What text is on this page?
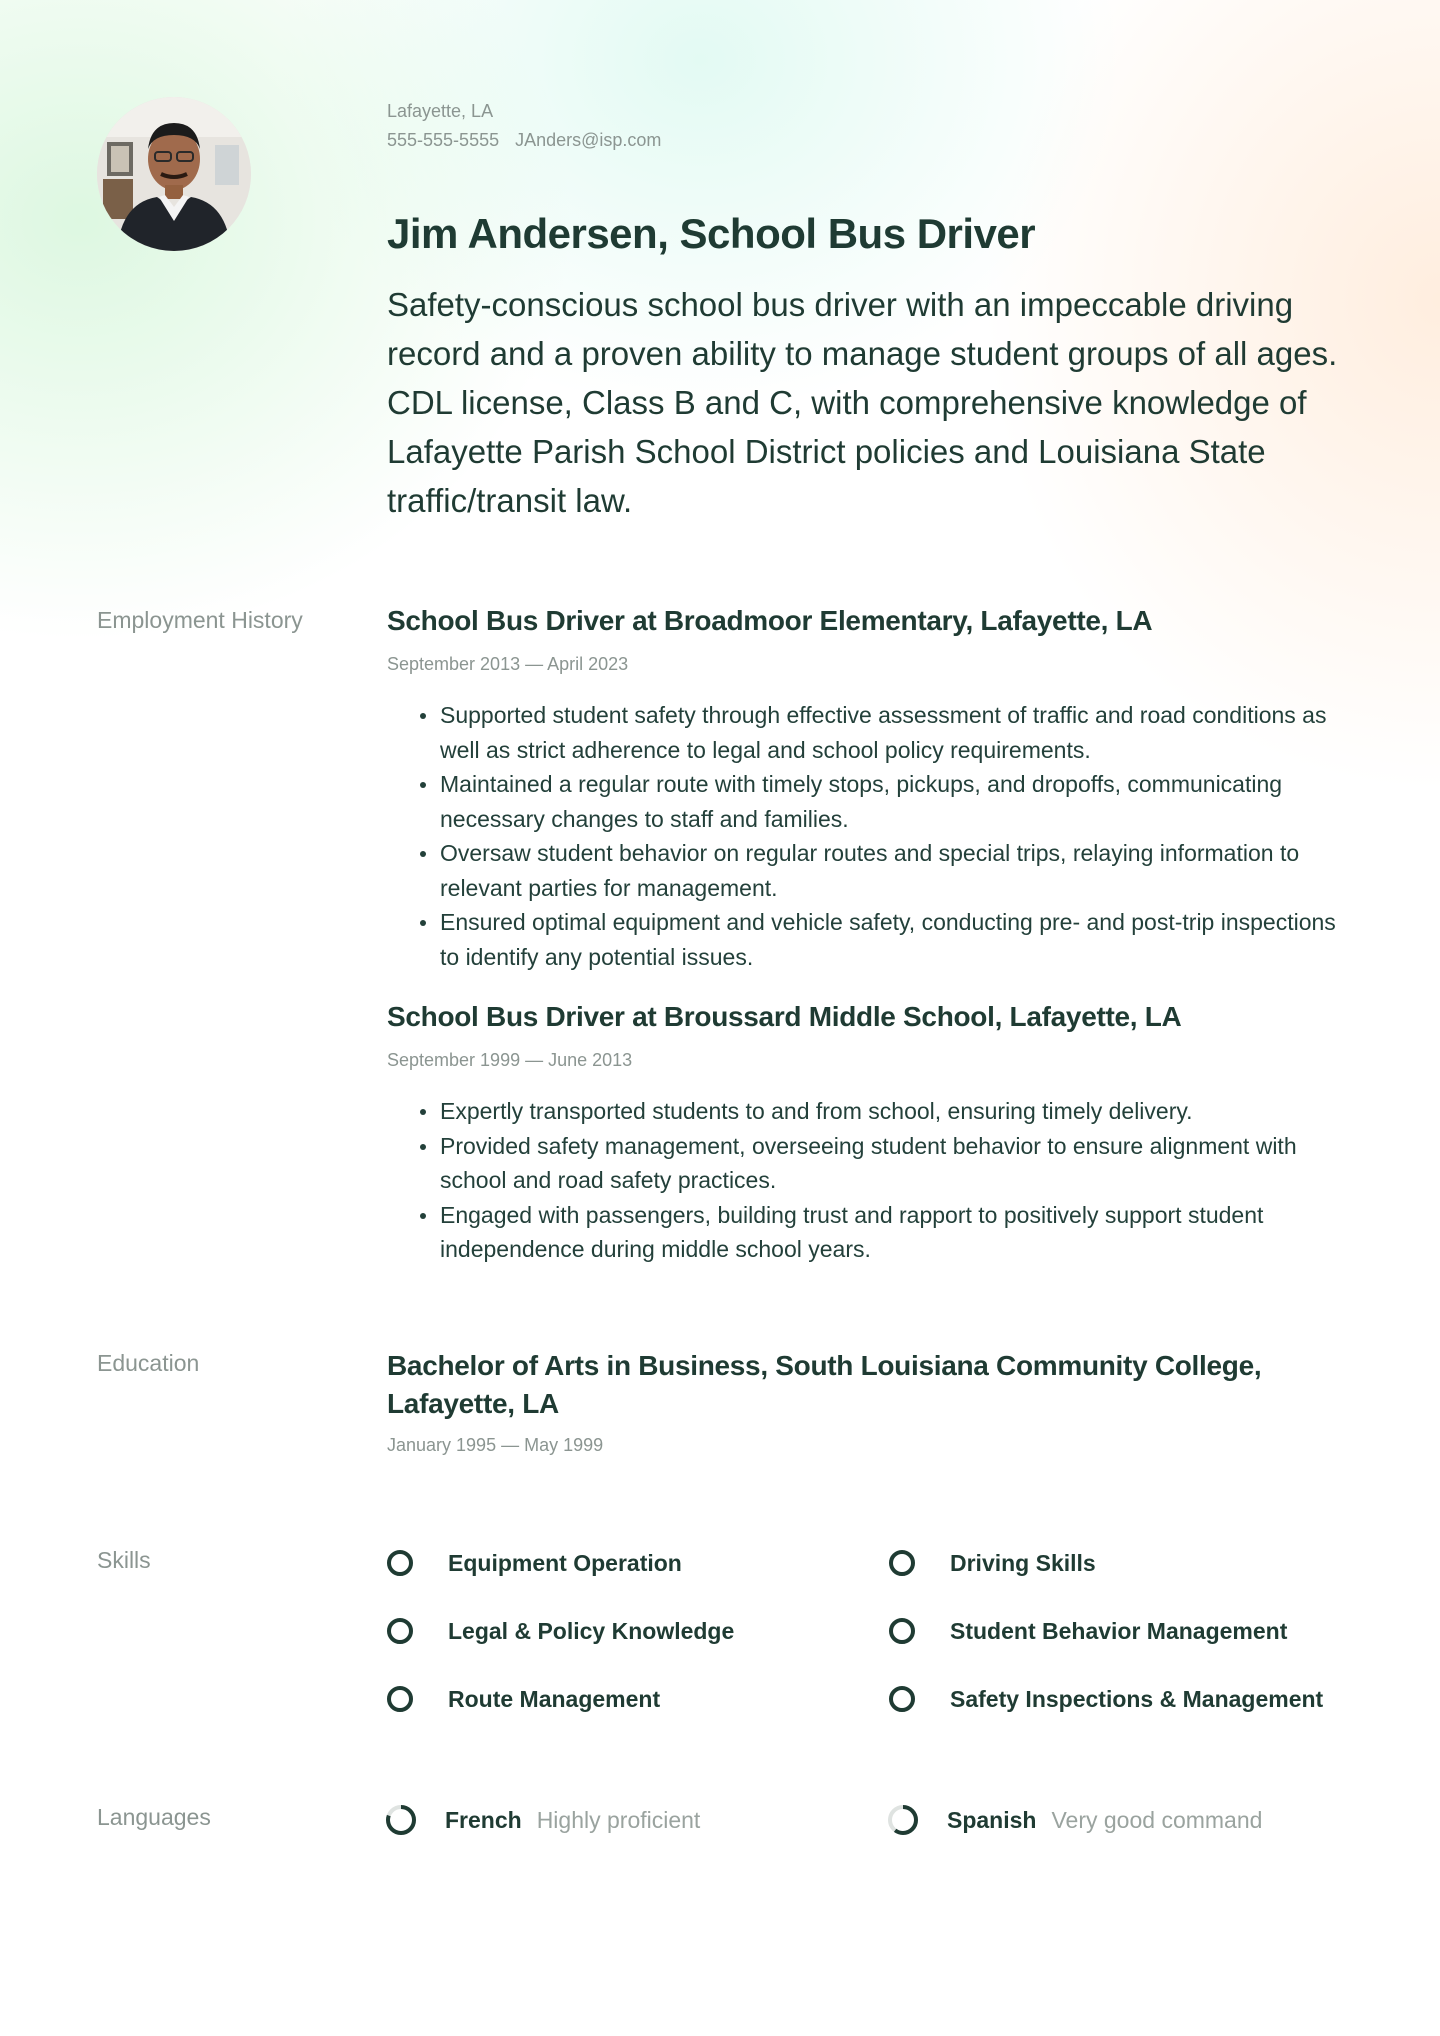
Lafayette, LA
555-555-5555 JAnders@isp.com
Jim Andersen, School Bus Driver

Safety-conscious school bus driver with an impeccable driving record and a proven ability to manage student groups of all ages. CDL license, Class B and C, with comprehensive knowledge of Lafayette Parish School District policies and Louisiana State traffic/transit law.

Employment History	School Bus Driver at Broadmoor Elementary, Lafayette, LA
September 2013 — April 2023
Supported student safety through effective assessment of traffic and road conditions as well as strict adherence to legal and school policy requirements.
Maintained a regular route with timely stops, pickups, and dropoffs, communicating necessary changes to staff and families.
Oversaw student behavior on regular routes and special trips, relaying information to relevant parties for management.
Ensured optimal equipment and vehicle safety, conducting pre- and post-trip inspections to identify any potential issues.
School Bus Driver at Broussard Middle School, Lafayette, LA
September 1999 — June 2013
Expertly transported students to and from school, ensuring timely delivery.
Provided safety management, overseeing student behavior to ensure alignment with school and road safety practices.
Engaged with passengers, building trust and rapport to positively support student independence during middle school years.
Education	Bachelor of Arts in Business, South Louisiana Community College, Lafayette, LA
January 1995 — May 1999
Skills	Equipment Operation	Driving Skills
Legal & Policy Knowledge	Student Behavior Management
Route Management	Safety Inspections & Management
Languages	French Highly proficient	Spanish Very good command
